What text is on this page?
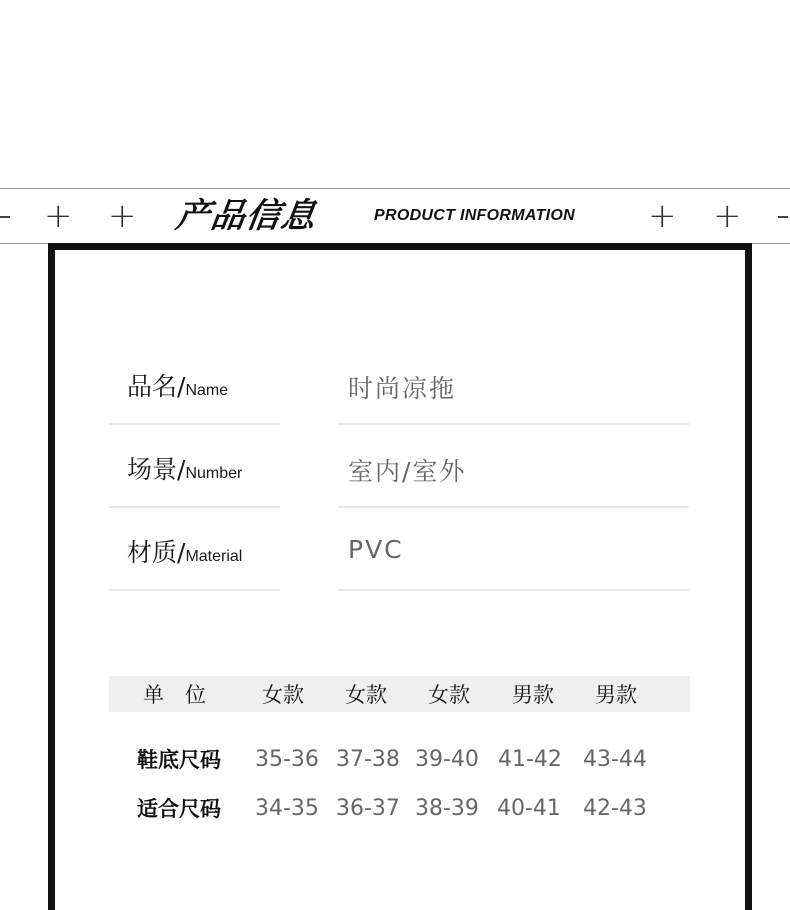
+ +	+ +
产品信息	PRODUCT INFORMATION
品名/Name	时尚凉拖
场景/Number	室内/室外
材质/Material	PVC
单　位	女款 女款 女款 男款 男款
鞋底尺码 35-36 37-38 39-40 41-42 43-44
适合尺码 34-35 36-37 38-39 40-41 42-43
